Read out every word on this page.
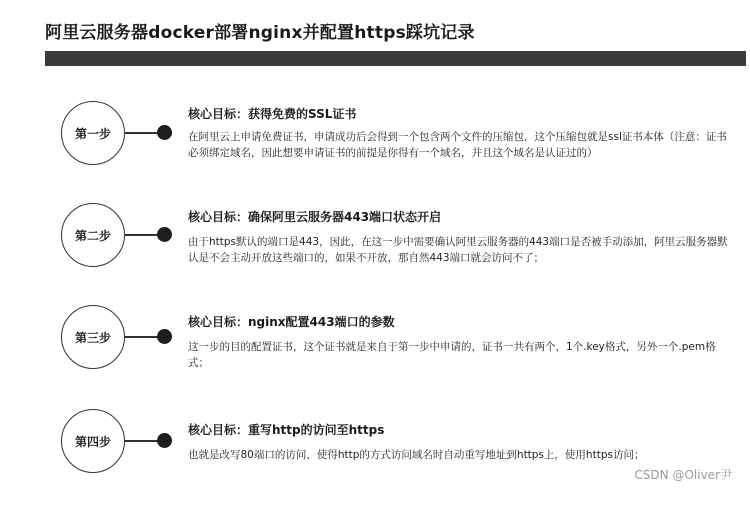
阿里云服务器docker部署nginx并配置https踩坑记录
第一步
核心目标：获得免费的SSL证书
在阿里云上申请免费证书，申请成功后会得到一个包含两个文件的压缩包，这个压缩包就是ssl证书本体（注意：证书必须绑定域名，因此想要申请证书的前提是你得有一个域名，并且这个域名是认证过的）
第二步
核心目标：确保阿里云服务器443端口状态开启
由于https默认的端口是443，因此，在这一步中需要确认阿里云服务器的443端口是否被手动添加，阿里云服务器默认是不会主动开放这些端口的，如果不开放，那自然443端口就会访问不了；
第三步
核心目标：nginx配置443端口的参数
这一步的目的配置证书，这个证书就是来自于第一步中申请的，证书一共有两个，1个.key格式，另外一个.pem格式；
第四步
核心目标：重写http的访问至https
也就是改写80端口的访问，使得http的方式访问域名时自动重写地址到https上，使用https访问；
CSDN @Oliver尹
